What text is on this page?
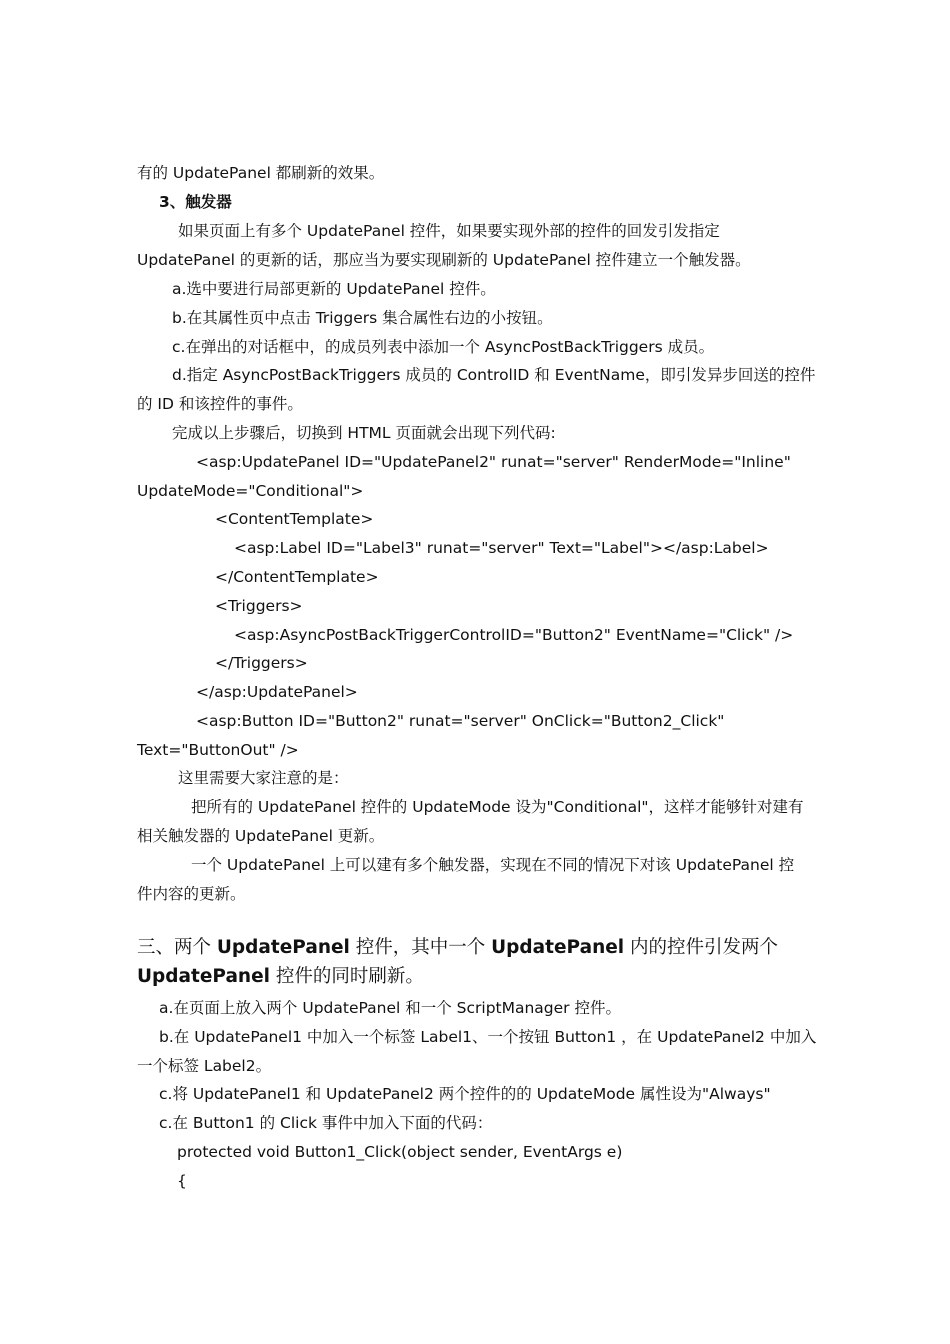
有的 UpdatePanel 都刷新的效果。
3、触发器
如果页面上有多个 UpdatePanel 控件，如果要实现外部的控件的回发引发指定
UpdatePanel 的更新的话，那应当为要实现刷新的 UpdatePanel 控件建立一个触发器。
a.选中要进行局部更新的 UpdatePanel 控件。
b.在其属性页中点击 Triggers 集合属性右边的小按钮。
c.在弹出的对话框中，的成员列表中添加一个 AsyncPostBackTriggers 成员。
d.指定 AsyncPostBackTriggers 成员的 ControlID 和 EventName，即引发异步回送的控件
的 ID 和该控件的事件。
完成以上步骤后，切换到 HTML 页面就会出现下列代码:
<asp:UpdatePanel ID="UpdatePanel2" runat="server" RenderMode="Inline"
UpdateMode="Conditional">
<ContentTemplate>
<asp:Label ID="Label3" runat="server" Text="Label"></asp:Label>
</ContentTemplate>
<Triggers>
<asp:AsyncPostBackTriggerControlID="Button2" EventName="Click" />
</Triggers>
</asp:UpdatePanel>
<asp:Button ID="Button2" runat="server" OnClick="Button2_Click"
Text="ButtonOut" />
这里需要大家注意的是：
把所有的 UpdatePanel 控件的 UpdateMode 设为"Conditional"，这样才能够针对建有
相关触发器的 UpdatePanel 更新。
一个 UpdatePanel 上可以建有多个触发器，实现在不同的情况下对该 UpdatePanel 控
件内容的更新。
三、两个 UpdatePanel 控件，其中一个 UpdatePanel 内的控件引发两个
UpdatePanel 控件的同时刷新。
a.在页面上放入两个 UpdatePanel 和一个 ScriptManager 控件。
b.在 UpdatePanel1 中加入一个标签 Label1、一个按钮 Button1 ，在 UpdatePanel2 中加入
一个标签 Label2。
c.将 UpdatePanel1 和 UpdatePanel2 两个控件的的 UpdateMode 属性设为"Always"
c.在 Button1 的 Click 事件中加入下面的代码：
protected void Button1_Click(object sender, EventArgs e)
{
